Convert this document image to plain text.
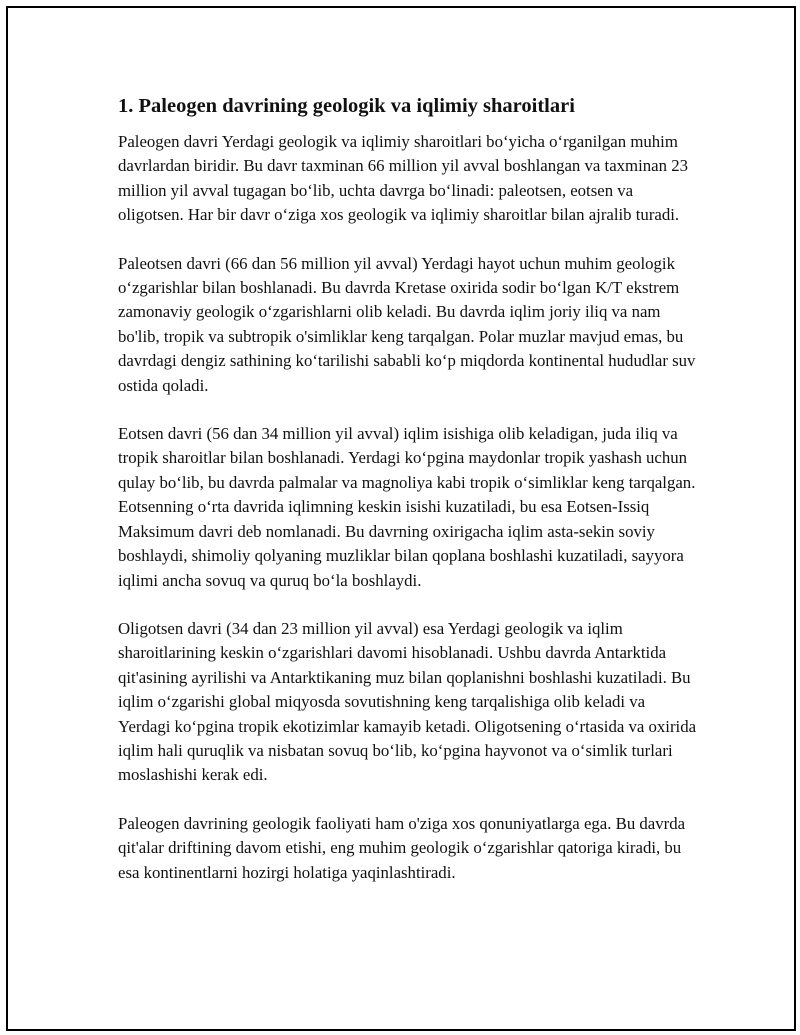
1. Paleogen davrining geologik va iqlimiy sharoitlari

Paleogen davri Yerdagi geologik va iqlimiy sharoitlari boʻyicha oʻrganilgan muhim davrlardan biridir. Bu davr taxminan 66 million yil avval boshlangan va taxminan 23 million yil avval tugagan boʻlib, uchta davrga boʻlinadi: paleotsen, eotsen va oligotsen. Har bir davr oʻziga xos geologik va iqlimiy sharoitlar bilan ajralib turadi.

Paleotsen davri (66 dan 56 million yil avval) Yerdagi hayot uchun muhim geologik oʻzgarishlar bilan boshlanadi. Bu davrda Kretase oxirida sodir boʻlgan K/T ekstrem zamonaviy geologik oʻzgarishlarni olib keladi. Bu davrda iqlim joriy iliq va nam bo'lib, tropik va subtropik o'simliklar keng tarqalgan. Polar muzlar mavjud emas, bu davrdagi dengiz sathining koʻtarilishi sababli koʻp miqdorda kontinental hududlar suv ostida qoladi.

Eotsen davri (56 dan 34 million yil avval) iqlim isishiga olib keladigan, juda iliq va tropik sharoitlar bilan boshlanadi. Yerdagi koʻpgina maydonlar tropik yashash uchun qulay boʻlib, bu davrda palmalar va magnoliya kabi tropik oʻsimliklar keng tarqalgan. Eotsenning oʻrta davrida iqlimning keskin isishi kuzatiladi, bu esa Eotsen-Issiq Maksimum davri deb nomlanadi. Bu davrning oxirigacha iqlim asta-sekin soviy boshlaydi, shimoliy qolyaning muzliklar bilan qoplana boshlashi kuzatiladi, sayyora iqlimi ancha sovuq va quruq boʻla boshlaydi.

Oligotsen davri (34 dan 23 million yil avval) esa Yerdagi geologik va iqlim sharoitlarining keskin oʻzgarishlari davomi hisoblanadi. Ushbu davrda Antarktida qit'asining ayrilishi va Antarktikaning muz bilan qoplanishni boshlashi kuzatiladi. Bu iqlim oʻzgarishi global miqyosda sovutishning keng tarqalishiga olib keladi va Yerdagi koʻpgina tropik ekotizimlar kamayib ketadi. Oligotsening oʻrtasida va oxirida iqlim hali quruqlik va nisbatan sovuq boʻlib, koʻpgina hayvonot va oʻsimlik turlari moslashishi kerak edi.

Paleogen davrining geologik faoliyati ham o'ziga xos qonuniyatlarga ega. Bu davrda qit'alar driftining davom etishi, eng muhim geologik oʻzgarishlar qatoriga kiradi, bu esa kontinentlarni hozirgi holatiga yaqinlashtiradi.
